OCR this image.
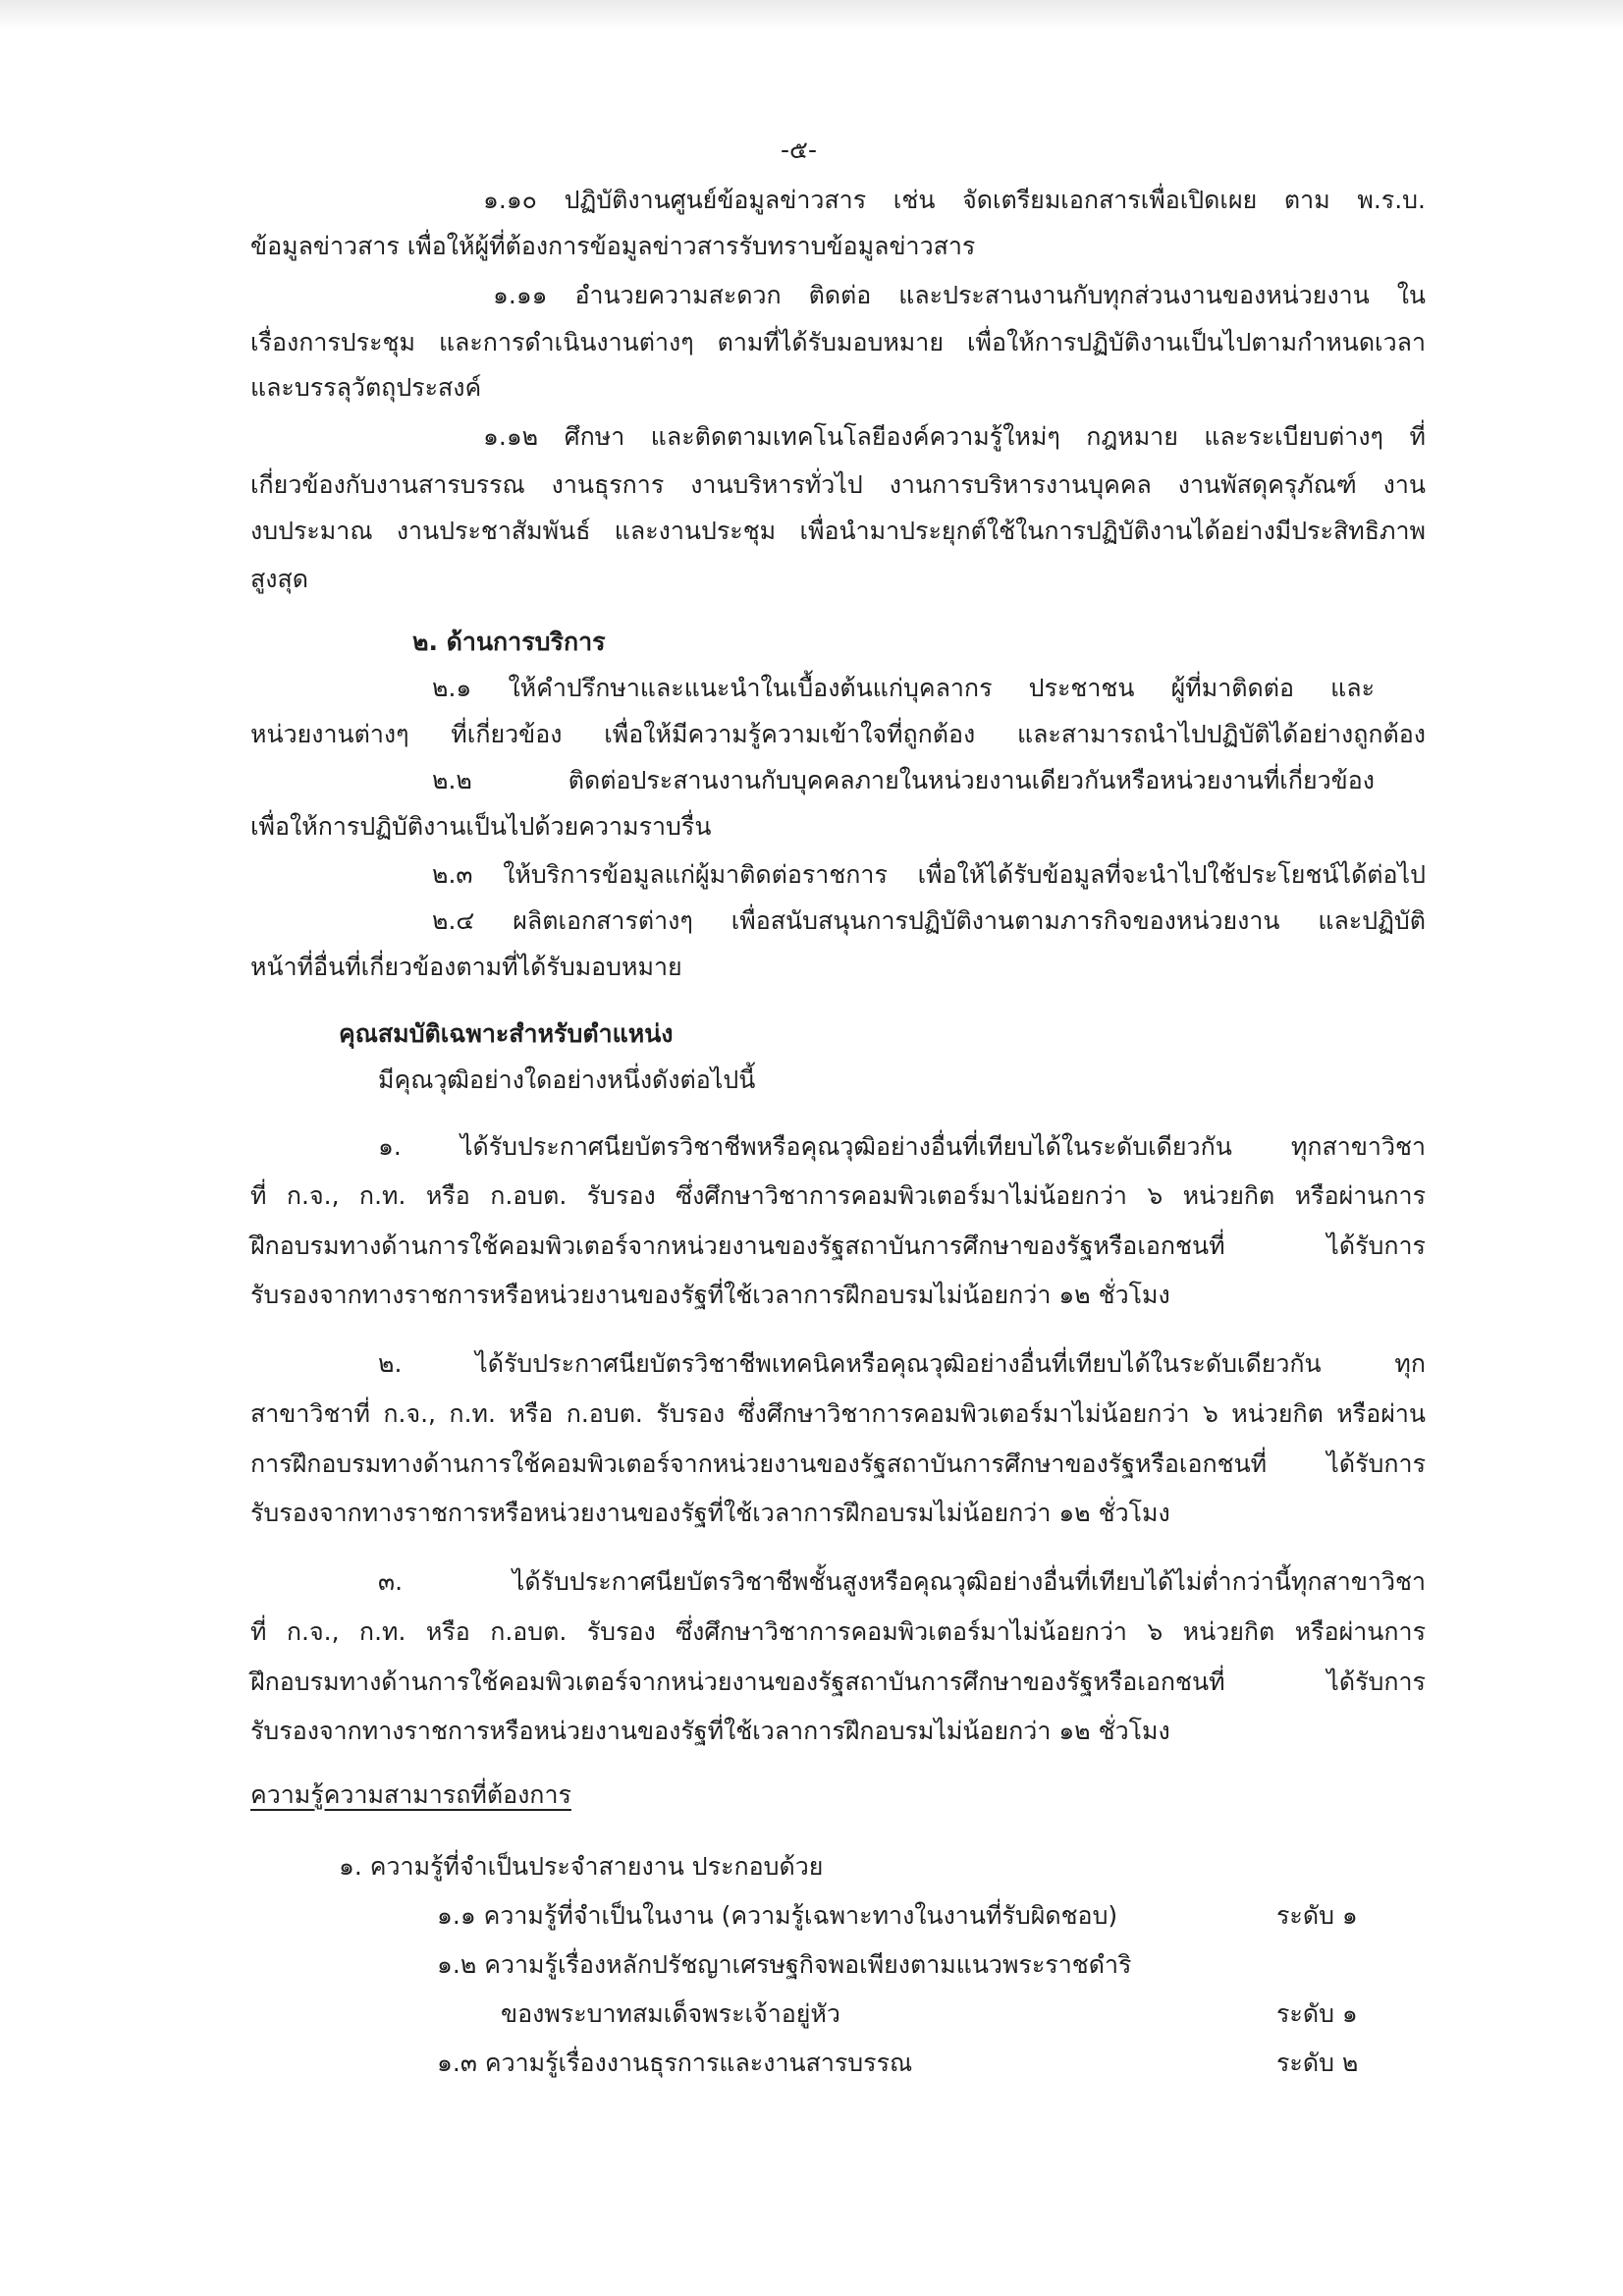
-๕-
๑.๑๐ ปฏิบัติงานศูนย์ข้อมูลข่าวสาร เช่น จัดเตรียมเอกสารเพื่อเปิดเผย ตาม พ.ร.บ.
ข้อมูลข่าวสาร เพื่อให้ผู้ที่ต้องการข้อมูลข่าวสารรับทราบข้อมูลข่าวสาร
๑.๑๑ อำนวยความสะดวก ติดต่อ และประสานงานกับทุกส่วนงานของหน่วยงาน ใน
เรื่องการประชุม และการดำเนินงานต่างๆ ตามที่ได้รับมอบหมาย เพื่อให้การปฏิบัติงานเป็นไปตามกำหนดเวลา
และบรรลุวัตถุประสงค์
๑.๑๒ ศึกษา และติดตามเทคโนโลยีองค์ความรู้ใหม่ๆ กฎหมาย และระเบียบต่างๆ ที่
เกี่ยวข้องกับงานสารบรรณ งานธุรการ งานบริหารทั่วไป งานการบริหารงานบุคคล งานพัสดุครุภัณฑ์ งาน
งบประมาณ งานประชาสัมพันธ์ และงานประชุม เพื่อนำมาประยุกต์ใช้ในการปฏิบัติงานได้อย่างมีประสิทธิภาพ
สูงสุด
๒. ด้านการบริการ
๒.๑ ให้คำปรึกษาและแนะนำในเบื้องต้นแก่บุคลากร ประชาชน ผู้ที่มาติดต่อ และ
หน่วยงานต่างๆ ที่เกี่ยวข้อง เพื่อให้มีความรู้ความเข้าใจที่ถูกต้อง และสามารถนำไปปฏิบัติได้อย่างถูกต้อง
๒.๒ ติดต่อประสานงานกับบุคคลภายในหน่วยงานเดียวกันหรือหน่วยงานที่เกี่ยวข้อง
เพื่อให้การปฏิบัติงานเป็นไปด้วยความราบรื่น
๒.๓ ให้บริการข้อมูลแก่ผู้มาติดต่อราชการ เพื่อให้ได้รับข้อมูลที่จะนำไปใช้ประโยชน์ได้ต่อไป
๒.๔ ผลิตเอกสารต่างๆ เพื่อสนับสนุนการปฏิบัติงานตามภารกิจของหน่วยงาน และปฏิบัติ
หน้าที่อื่นที่เกี่ยวข้องตามที่ได้รับมอบหมาย
คุณสมบัติเฉพาะสำหรับตำแหน่ง
มีคุณวุฒิอย่างใดอย่างหนึ่งดังต่อไปนี้
๑. ได้รับประกาศนียบัตรวิชาชีพหรือคุณวุฒิอย่างอื่นที่เทียบได้ในระดับเดียวกัน ทุกสาขาวิชา
ที่ ก.จ., ก.ท. หรือ ก.อบต. รับรอง ซึ่งศึกษาวิชาการคอมพิวเตอร์มาไม่น้อยกว่า ๖ หน่วยกิต หรือผ่านการ
ฝึกอบรมทางด้านการใช้คอมพิวเตอร์จากหน่วยงานของรัฐสถาบันการศึกษาของรัฐหรือเอกชนที่ ได้รับการ
รับรองจากทางราชการหรือหน่วยงานของรัฐที่ใช้เวลาการฝึกอบรมไม่น้อยกว่า ๑๒ ชั่วโมง
๒. ได้รับประกาศนียบัตรวิชาชีพเทคนิคหรือคุณวุฒิอย่างอื่นที่เทียบได้ในระดับเดียวกัน ทุก
สาขาวิชาที่ ก.จ., ก.ท. หรือ ก.อบต. รับรอง ซึ่งศึกษาวิชาการคอมพิวเตอร์มาไม่น้อยกว่า ๖ หน่วยกิต หรือผ่าน
การฝึกอบรมทางด้านการใช้คอมพิวเตอร์จากหน่วยงานของรัฐสถาบันการศึกษาของรัฐหรือเอกชนที่ ได้รับการ
รับรองจากทางราชการหรือหน่วยงานของรัฐที่ใช้เวลาการฝึกอบรมไม่น้อยกว่า ๑๒ ชั่วโมง
๓. ได้รับประกาศนียบัตรวิชาชีพชั้นสูงหรือคุณวุฒิอย่างอื่นที่เทียบได้ไม่ต่ำกว่านี้ทุกสาขาวิชา
ที่ ก.จ., ก.ท. หรือ ก.อบต. รับรอง ซึ่งศึกษาวิชาการคอมพิวเตอร์มาไม่น้อยกว่า ๖ หน่วยกิต หรือผ่านการ
ฝึกอบรมทางด้านการใช้คอมพิวเตอร์จากหน่วยงานของรัฐสถาบันการศึกษาของรัฐหรือเอกชนที่ ได้รับการ
รับรองจากทางราชการหรือหน่วยงานของรัฐที่ใช้เวลาการฝึกอบรมไม่น้อยกว่า ๑๒ ชั่วโมง
ความรู้ความสามารถที่ต้องการ
๑. ความรู้ที่จำเป็นประจำสายงาน ประกอบด้วย
๑.๑ ความรู้ที่จำเป็นในงาน (ความรู้เฉพาะทางในงานที่รับผิดชอบ)	ระดับ ๑
๑.๒ ความรู้เรื่องหลักปรัชญาเศรษฐกิจพอเพียงตามแนวพระราชดำริ
ของพระบาทสมเด็จพระเจ้าอยู่หัว	ระดับ ๑
๑.๓ ความรู้เรื่องงานธุรการและงานสารบรรณ	ระดับ ๒
